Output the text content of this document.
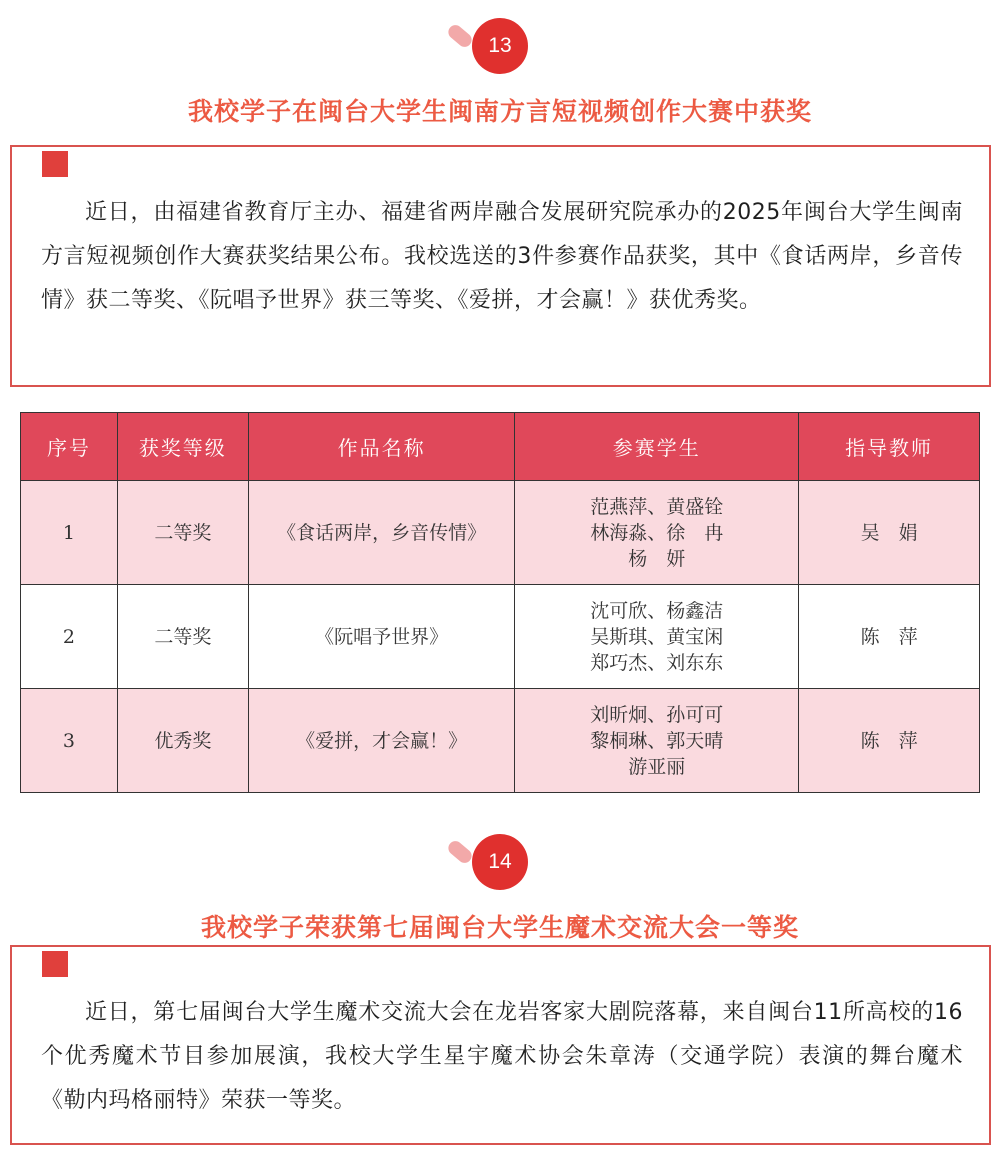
13
我校学子在闽台大学生闽南方言短视频创作大赛中获奖

近日，由福建省教育厅主办、福建省两岸融合发展研究院承办的2025年闽台大学生闽南方言短视频创作大赛获奖结果公布。我校选送的3件参赛作品获奖，其中《食话两岸，乡音传情》获二等奖、《阮唱予世界》获三等奖、《爱拼，才会赢！》获优秀奖。

序号	获奖等级	作品名称	参赛学生	指导教师
1	二等奖	《食话两岸，乡音传情》	范燕萍、黄盛铨
林海淼、徐　冉
杨　妍	吴　娟
2	二等奖	《阮唱予世界》	沈可欣、杨鑫洁
吴斯琪、黄宝闲
郑巧杰、刘东东	陈　萍
3	优秀奖	《爱拼，才会赢！》	刘昕炯、孙可可
黎桐琳、郭天晴
游亚丽	陈　萍
14
我校学子荣获第七届闽台大学生魔术交流大会一等奖

近日，第七届闽台大学生魔术交流大会在龙岩客家大剧院落幕，来自闽台11所高校的16个优秀魔术节目参加展演，我校大学生星宇魔术协会朱章涛（交通学院）表演的舞台魔术《勒内玛格丽特》荣获一等奖。
